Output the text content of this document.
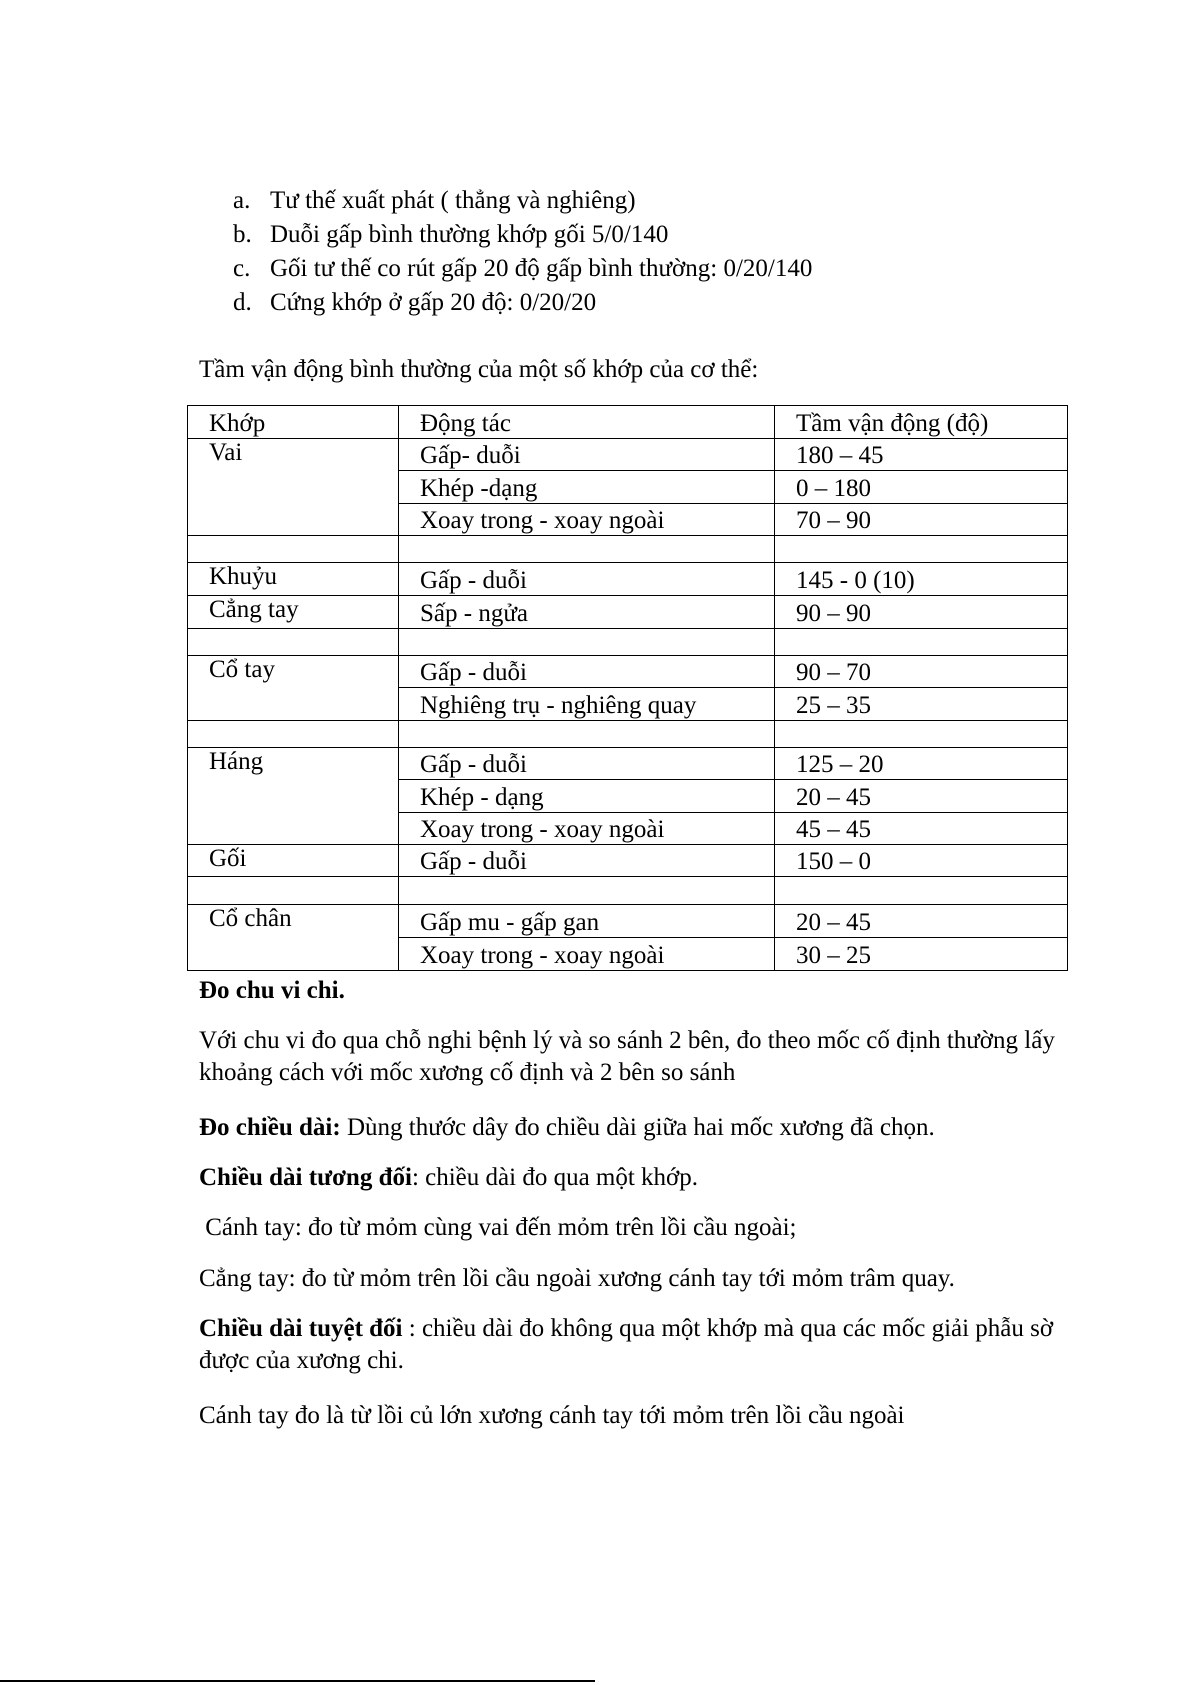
a. Tư thế xuất phát ( thẳng và nghiêng)
b. Duỗi gấp bình thường khớp gối 5/0/140
c. Gối tư thế co rút gấp 20 độ gấp bình thường: 0/20/140
d. Cứng khớp ở gấp 20 độ: 0/20/20
Tầm vận động bình thường của một số khớp của cơ thể:
Khớp	Động tác	Tầm vận động (độ)
Vai	Gấp- duỗi	180 – 45
	Khép -dạng	0 – 180
	Xoay trong - xoay ngoài	70 – 90

Khuỷu	Gấp - duỗi	145 - 0 (10)
Cẳng tay	Sấp - ngửa	90 – 90

Cổ tay	Gấp - duỗi	90 – 70
	Nghiêng trụ - nghiêng quay	25 – 35

Háng	Gấp - duỗi	125 – 20
	Khép - dạng	20 – 45
	Xoay trong - xoay ngoài	45 – 45
Gối	Gấp - duỗi	150 – 0

Cổ chân	Gấp mu - gấp gan	20 – 45
	Xoay trong - xoay ngoài	30 – 25
Đo chu vi chi.
Với chu vi đo qua chỗ nghi bệnh lý và so sánh 2 bên, đo theo mốc cố định thường lấy khoảng cách với mốc xương cố định và 2 bên so sánh
Đo chiều dài: Dùng thước dây đo chiều dài giữa hai mốc xương đã chọn.
Chiều dài tương đối: chiều dài đo qua một khớp.
Cánh tay: đo từ mỏm cùng vai đến mỏm trên lồi cầu ngoài;
Cẳng tay: đo từ mỏm trên lồi cầu ngoài xương cánh tay tới mỏm trâm quay.
Chiều dài tuyệt đối : chiều dài đo không qua một khớp mà qua các mốc giải phẫu sờ được của xương chi.
Cánh tay đo là từ lồi củ lớn xương cánh tay tới mỏm trên lồi cầu ngoài
